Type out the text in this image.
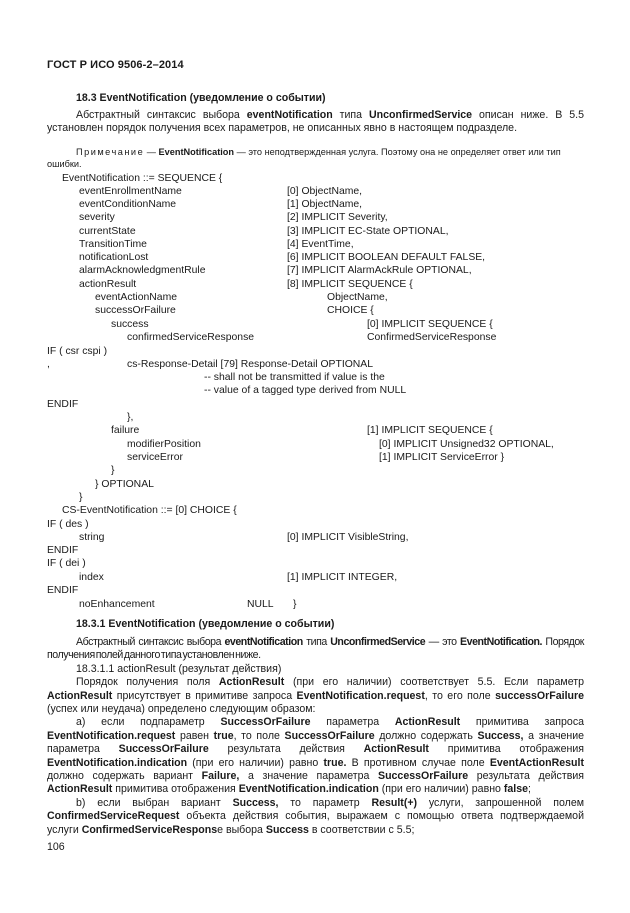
ГОСТ Р ИСО 9506-2–2014
18.3 EventNotification (уведомление о событии)

Абстрактный синтаксис выбора eventNotification типа UnconfirmedService описан ниже. В 5.5 установлен порядок получения всех параметров, не описанных явно в настоящем подразделе.

Примечание — EventNotification — это неподтвержденная услуга. Поэтому она не определяет ответ или тип ошибки.
EventNotification ::= SEQUENCE {
eventEnrollmentName	[0] ObjectName,
eventConditionName	[1] ObjectName,
severity	[2] IMPLICIT Severity,
currentState	[3] IMPLICIT EC-State OPTIONAL,
TransitionTime	[4] EventTime,
notificationLost	[6] IMPLICIT BOOLEAN DEFAULT FALSE,
alarmAcknowledgmentRule	[7] IMPLICIT AlarmAckRule OPTIONAL,
actionResult	[8] IMPLICIT SEQUENCE {
eventActionName	ObjectName,
successOrFailure	CHOICE {
success	[0] IMPLICIT SEQUENCE {
confirmedServiceResponse	ConfirmedServiceResponse
IF ( csr cspi )
,	cs-Response-Detail [79] Response-Detail OPTIONAL
-- shall not be transmitted if value is the
-- value of a tagged type derived from NULL
ENDIF
},
failure	[1] IMPLICIT SEQUENCE {
modifierPosition	[0] IMPLICIT Unsigned32 OPTIONAL,
serviceError	[1] IMPLICIT ServiceError }
}
} OPTIONAL
}
CS-EventNotification ::= [0] CHOICE {
IF ( des )
string	[0] IMPLICIT VisibleString,
ENDIF
IF ( dei )
index	[1] IMPLICIT INTEGER,
ENDIF
noEnhancement	NULL }
18.3.1 EventNotification (уведомление о событии)

Абстрактный синтаксис выбора eventNotification типа UnconfirmedService — это EventNotification. Порядок получения полей данного типа установлен ниже.

18.3.1.1 actionResult (результат действия)

Порядок получения поля ActionResult (при его наличии) соответствует 5.5. Если параметр ActionResult присутствует в примитиве запроса EventNotification.request, то его поле successOrFailure (успех или неудача) определено следующим образом:

а) если подпараметр SuccessOrFailure параметра ActionResult примитива запроса EventNotification.request равен true, то поле SuccessOrFailure должно содержать Success, а значение параметра SuccessOrFailure результата действия ActionResult примитива отображения EventNotification.indication (при его наличии) равно true. В противном случае поле EventActionResult должно содержать вариант Failure, а значение параметра SuccessOrFailure результата действия ActionResult примитива отображения EventNotification.indication (при его наличии) равно false;

b) если выбран вариант Success, то параметр Result(+) услуги, запрошенной полем ConfirmedServiceRequest объекта действия события, выражаем с помощью ответа подтверждаемой услуги ConfirmedServiceResponsе выбора Success в соответствии с 5.5;

106
